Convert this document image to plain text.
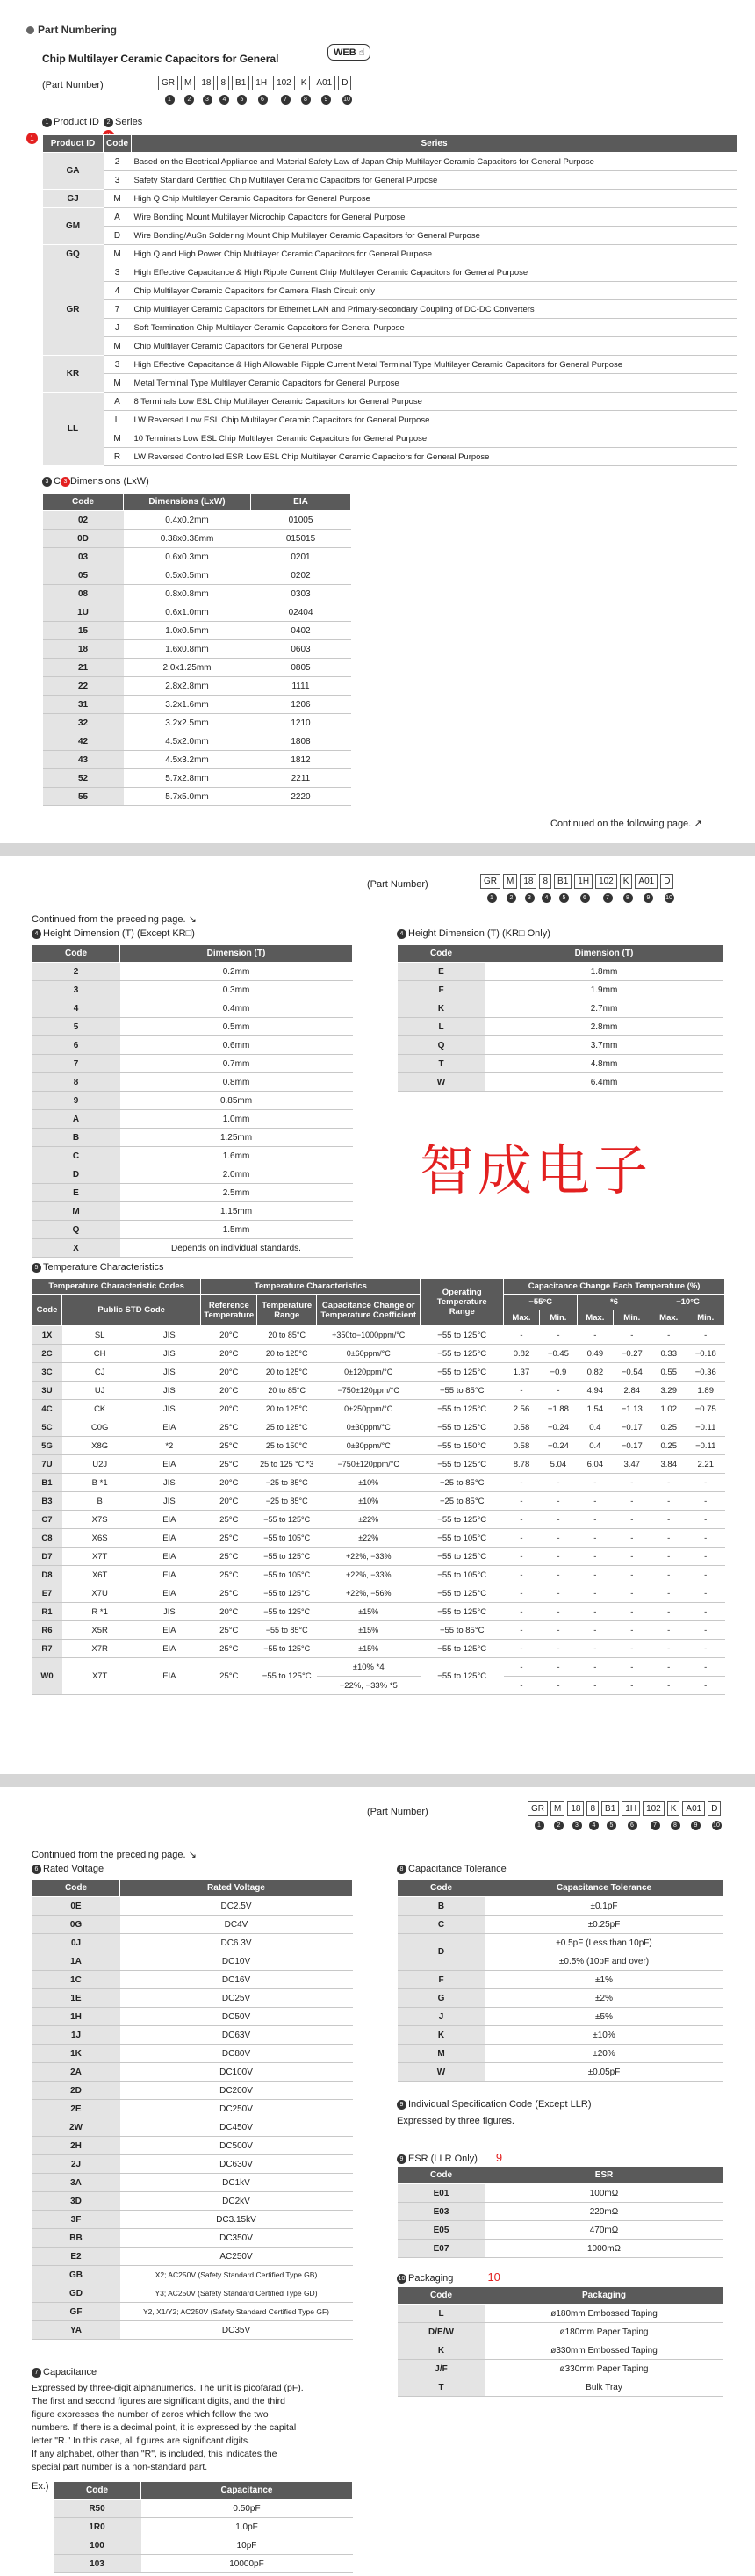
Part Numbering
Chip Multilayer Ceramic Capacitors for General	WEB ☝
(Part Number)	GR	M	18	8	B1	1H	102	K	A01	D
1	2	3	4	5	6	7	8	9	10
1 Product ID 2 Series
1
Product ID	Code	Series
GA	2	Based on the Electrical Appliance and Material Safety Law of Japan Chip Multilayer Ceramic Capacitors for General Purpose
	3	Safety Standard Certified Chip Multilayer Ceramic Capacitors for General Purpose
GJ	M	High Q Chip Multilayer Ceramic Capacitors for General Purpose
GM	A	Wire Bonding Mount Multilayer Microchip Capacitors for General Purpose
	D	Wire Bonding/AuSn Soldering Mount Chip Multilayer Ceramic Capacitors for General Purpose
GQ	M	High Q and High Power Chip Multilayer Ceramic Capacitors for General Purpose
GR	3	High Effective Capacitance & High Ripple Current Chip Multilayer Ceramic Capacitors for General Purpose
	4	Chip Multilayer Ceramic Capacitors for Camera Flash Circuit only
	7	Chip Multilayer Ceramic Capacitors for Ethernet LAN and Primary-secondary Coupling of DC-DC Converters
	J	Soft Termination Chip Multilayer Ceramic Capacitors for General Purpose
	M	Chip Multilayer Ceramic Capacitors for General Purpose
KR	3	High Effective Capacitance & High Allowable Ripple Current Metal Terminal Type Multilayer Ceramic Capacitors for General Purpose
	M	Metal Terminal Type Multilayer Ceramic Capacitors for General Purpose
LL	A	8 Terminals Low ESL Chip Multilayer Ceramic Capacitors for General Purpose
	L	LW Reversed Low ESL Chip Multilayer Ceramic Capacitors for General Purpose
	M	10 Terminals Low ESL Chip Multilayer Ceramic Capacitors for General Purpose
	R	LW Reversed Controlled ESR Low ESL Chip Multilayer Ceramic Capacitors for General Purpose
3 C 3 Dimensions (LxW)
Code	Dimensions (LxW)	EIA
02	0.4x0.2mm	01005
0D	0.38x0.38mm	015015
03	0.6x0.3mm	0201
05	0.5x0.5mm	0202
08	0.8x0.8mm	0303
1U	0.6x1.0mm	02404
15	1.0x0.5mm	0402
18	1.6x0.8mm	0603
21	2.0x1.25mm	0805
22	2.8x2.8mm	1111
31	3.2x1.6mm	1206
32	3.2x2.5mm	1210
42	4.5x2.0mm	1808
43	4.5x3.2mm	1812
52	5.7x2.8mm	2211
55	5.7x5.0mm	2220
Continued on the following page. ↗
(Part Number)	GR	M	18	8	B1	1H	102	K	A01	D
1	2	3	4	5	6	7	8	9	10
Continued from the preceding page. ↘
4 Height Dimension (T) (Except KR□)
Code	Dimension (T)
2	0.2mm
3	0.3mm
4	0.4mm
5	0.5mm
6	0.6mm
7	0.7mm
8	0.8mm
9	0.85mm
A	1.0mm
B	1.25mm
C	1.6mm
D	2.0mm
E	2.5mm
M	1.15mm
Q	1.5mm
X	Depends on individual standards.
4 Height Dimension (T) (KR□ Only)
Code	Dimension (T)
E	1.8mm
F	1.9mm
K	2.7mm
L	2.8mm
Q	3.7mm
T	4.8mm
W	6.4mm
智成电子
5 Temperature Characteristics
Temperature Characteristic Codes			Temperature Characteristics			Operating Temperature Range	Capacitance Change Each Temperature (%)					
Code	Public STD Code		Reference Temperature	Temperature Range	Capacitance Change or Temperature Coefficient		−55°C		*6		−10°C	
							Max.	Min.	Max.	Min.	Max.	Min.
1X	SL	JIS	20°C	20 to 85°C	+350to−1000ppm/°C	−55 to 125°C	-	-	-	-	-	-
2C	CH	JIS	20°C	20 to 125°C	0±60ppm/°C	−55 to 125°C	0.82	−0.45	0.49	−0.27	0.33	−0.18
3C	CJ	JIS	20°C	20 to 125°C	0±120ppm/°C	−55 to 125°C	1.37	−0.9	0.82	−0.54	0.55	−0.36
3U	UJ	JIS	20°C	20 to 85°C	−750±120ppm/°C	−55 to 85°C	-	-	4.94	2.84	3.29	1.89
4C	CK	JIS	20°C	20 to 125°C	0±250ppm/°C	−55 to 125°C	2.56	−1.88	1.54	−1.13	1.02	−0.75
5C	C0G	EIA	25°C	25 to 125°C	0±30ppm/°C	−55 to 125°C	0.58	−0.24	0.4	−0.17	0.25	−0.11
5G	X8G	*2	25°C	25 to 150°C	0±30ppm/°C	−55 to 150°C	0.58	−0.24	0.4	−0.17	0.25	−0.11
7U	U2J	EIA	25°C	25 to 125 °C *3	−750±120ppm/°C	−55 to 125°C	8.78	5.04	6.04	3.47	3.84	2.21
B1	B *1	JIS	20°C	−25 to 85°C	±10%	−25 to 85°C	-	-	-	-	-	-
B3	B	JIS	20°C	−25 to 85°C	±10%	−25 to 85°C	-	-	-	-	-	-
C7	X7S	EIA	25°C	−55 to 125°C	±22%	−55 to 125°C	-	-	-	-	-	-
C8	X6S	EIA	25°C	−55 to 105°C	±22%	−55 to 105°C	-	-	-	-	-	-
D7	X7T	EIA	25°C	−55 to 125°C	+22%, −33%	−55 to 125°C	-	-	-	-	-	-
D8	X6T	EIA	25°C	−55 to 105°C	+22%, −33%	−55 to 105°C	-	-	-	-	-	-
E7	X7U	EIA	25°C	−55 to 125°C	+22%, −56%	−55 to 125°C	-	-	-	-	-	-
R1	R *1	JIS	20°C	−55 to 125°C	±15%	−55 to 125°C	-	-	-	-	-	-
R6	X5R	EIA	25°C	−55 to 85°C	±15%	−55 to 85°C	-	-	-	-	-	-
R7	X7R	EIA	25°C	−55 to 125°C	±15%	−55 to 125°C	-	-	-	-	-	-
W0	X7T	EIA	25°C	−55 to 125°C	±10% *4	−55 to 125°C	-	-	-	-	-	-
					+22%, −33% *5		-	-	-	-	-	-
(Part Number)	GR	M	18	8	B1	1H	102	K	A01	D
1	2	3	4	5	6	7	8	9	10
Continued from the preceding page. ↘
6 Rated Voltage
Code	Rated Voltage
0E	DC2.5V
0G	DC4V
0J	DC6.3V
1A	DC10V
1C	DC16V
1E	DC25V
1H	DC50V
1J	DC63V
1K	DC80V
2A	DC100V
2D	DC200V
2E	DC250V
2W	DC450V
2H	DC500V
2J	DC630V
3A	DC1kV
3D	DC2kV
3F	DC3.15kV
BB	DC350V
E2	AC250V
GB	X2; AC250V (Safety Standard Certified Type GB)
GD	Y3; AC250V (Safety Standard Certified Type GD)
GF	Y2, X1/Y2; AC250V (Safety Standard Certified Type GF)
YA	DC35V
8 Capacitance Tolerance
Code	Capacitance Tolerance
B	±0.1pF
C	±0.25pF
D	±0.5pF (Less than 10pF)
	±0.5% (10pF and over)
F	±1%
G	±2%
J	±5%
K	±10%
M	±20%
W	±0.05pF
9 Individual Specification Code (Except LLR)
Expressed by three figures.
9 ESR (LLR Only) 9
Code	ESR
E01	100mΩ
E03	220mΩ
E05	470mΩ
E07	1000mΩ
10 Packaging	10
Code	Packaging
L	ø180mm Embossed Taping
D/E/W	ø180mm Paper Taping
K	ø330mm Embossed Taping
J/F	ø330mm Paper Taping
T	Bulk Tray
7 Capacitance
Expressed by three-digit alphanumerics. The unit is picofarad (pF).
The first and second figures are significant digits, and the third
figure expresses the number of zeros which follow the two
numbers. If there is a decimal point, it is expressed by the capital
letter "R." In this case, all figures are significant digits.
If any alphabet, other than "R", is included, this indicates the
special part number is a non-standard part.
Ex.)	Code	Capacitance
R50	0.50pF
1R0	1.0pF
100	10pF
103	10000pF
